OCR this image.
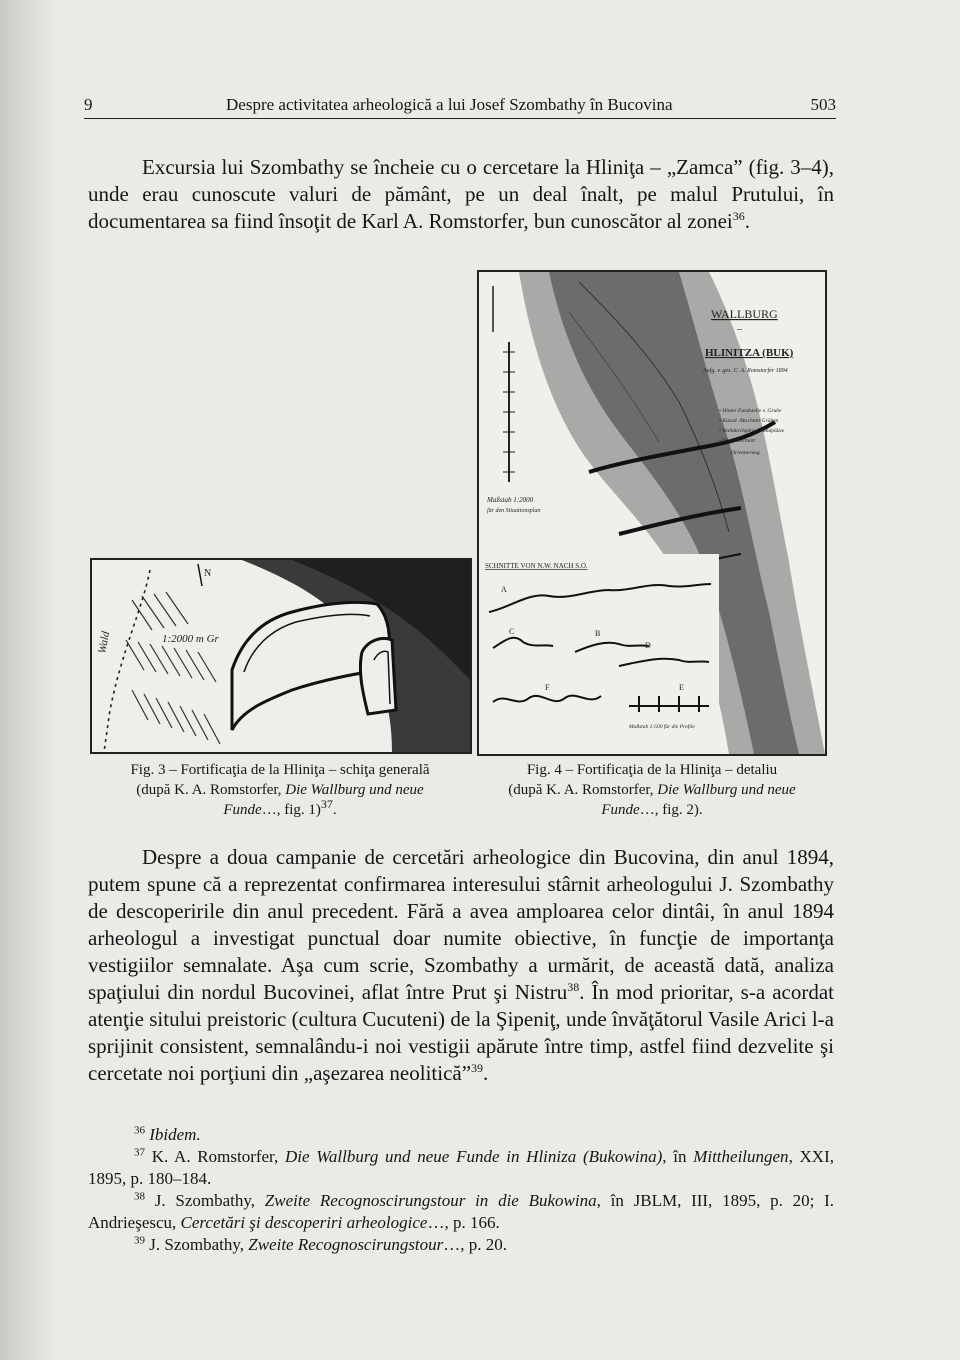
9	Despre activitatea arheologică a lui Josef Szombathy în Bucovina	503

Excursia lui Szombathy se încheie cu o cercetare la Hliniţa – „Zamca” (fig. 3–4), unde erau cunoscute valuri de pământ, pe un deal înalt, pe malul Prutului, în documentarea sa fiind însoţit de Karl A. Romstorfer, bun cunoscător al zonei$^{36}$.

N
1:2000 m Gr
Wald
WALLBURG
–
HLINITZA (BUK)
Aufg. v. gez. C. A. Romstorfer 1894
• Hinter Fundstelle v. Grube
• Künstl. Abschnitt Gräben
• Walldurchgänge Fundplätze
• Thal-Anschnitt
Orientierung
Maßstab 1:2000
für den Situationsplan
SCHNITTE VON N.W. NACH S.O.
A
C	B
D
F	E
Maßstab 1:500 für die Profile
Fig. 3 – Fortificaţia de la Hliniţa – schiţa generală
(după K. A. Romstorfer, Die Wallburg und neue
Funde…, fig. 1)$^{37}$.
Fig. 4 – Fortificaţia de la Hliniţa – detaliu
(după K. A. Romstorfer, Die Wallburg und neue
Funde…, fig. 2).

Despre a doua campanie de cercetări arheologice din Bucovina, din anul 1894, putem spune că a reprezentat confirmarea interesului stârnit arheologului J. Szombathy de descoperirile din anul precedent. Fără a avea amploarea celor dintâi, în anul 1894 arheologul a investigat punctual doar numite obiective, în funcţie de importanţa vestigiilor semnalate. Aşa cum scrie, Szombathy a urmărit, de această dată, analiza spaţiului din nordul Bucovinei, aflat între Prut şi Nistru$^{38}$. În mod prioritar, s-a acordat atenţie sitului preistoric (cultura Cucuteni) de la Şipeniţ, unde învăţătorul Vasile Arici l-a sprijinit consistent, semnalându-i noi vestigii apărute între timp, astfel fiind dezvelite şi cercetate noi porţiuni din „aşezarea neolitică”$^{39}$.

$^{36}$ Ibidem.

$^{37}$ K. A. Romstorfer, Die Wallburg und neue Funde in Hliniza (Bukowina), în Mittheilungen, XXI, 1895, p. 180–184.

$^{38}$ J. Szombathy, Zweite Recognoscirungstour in die Bukowina, în JBLM, III, 1895, p. 20; I. Andrieşescu, Cercetări şi descoperiri arheologice…, p. 166.

$^{39}$ J. Szombathy, Zweite Recognoscirungstour…, p. 20.
